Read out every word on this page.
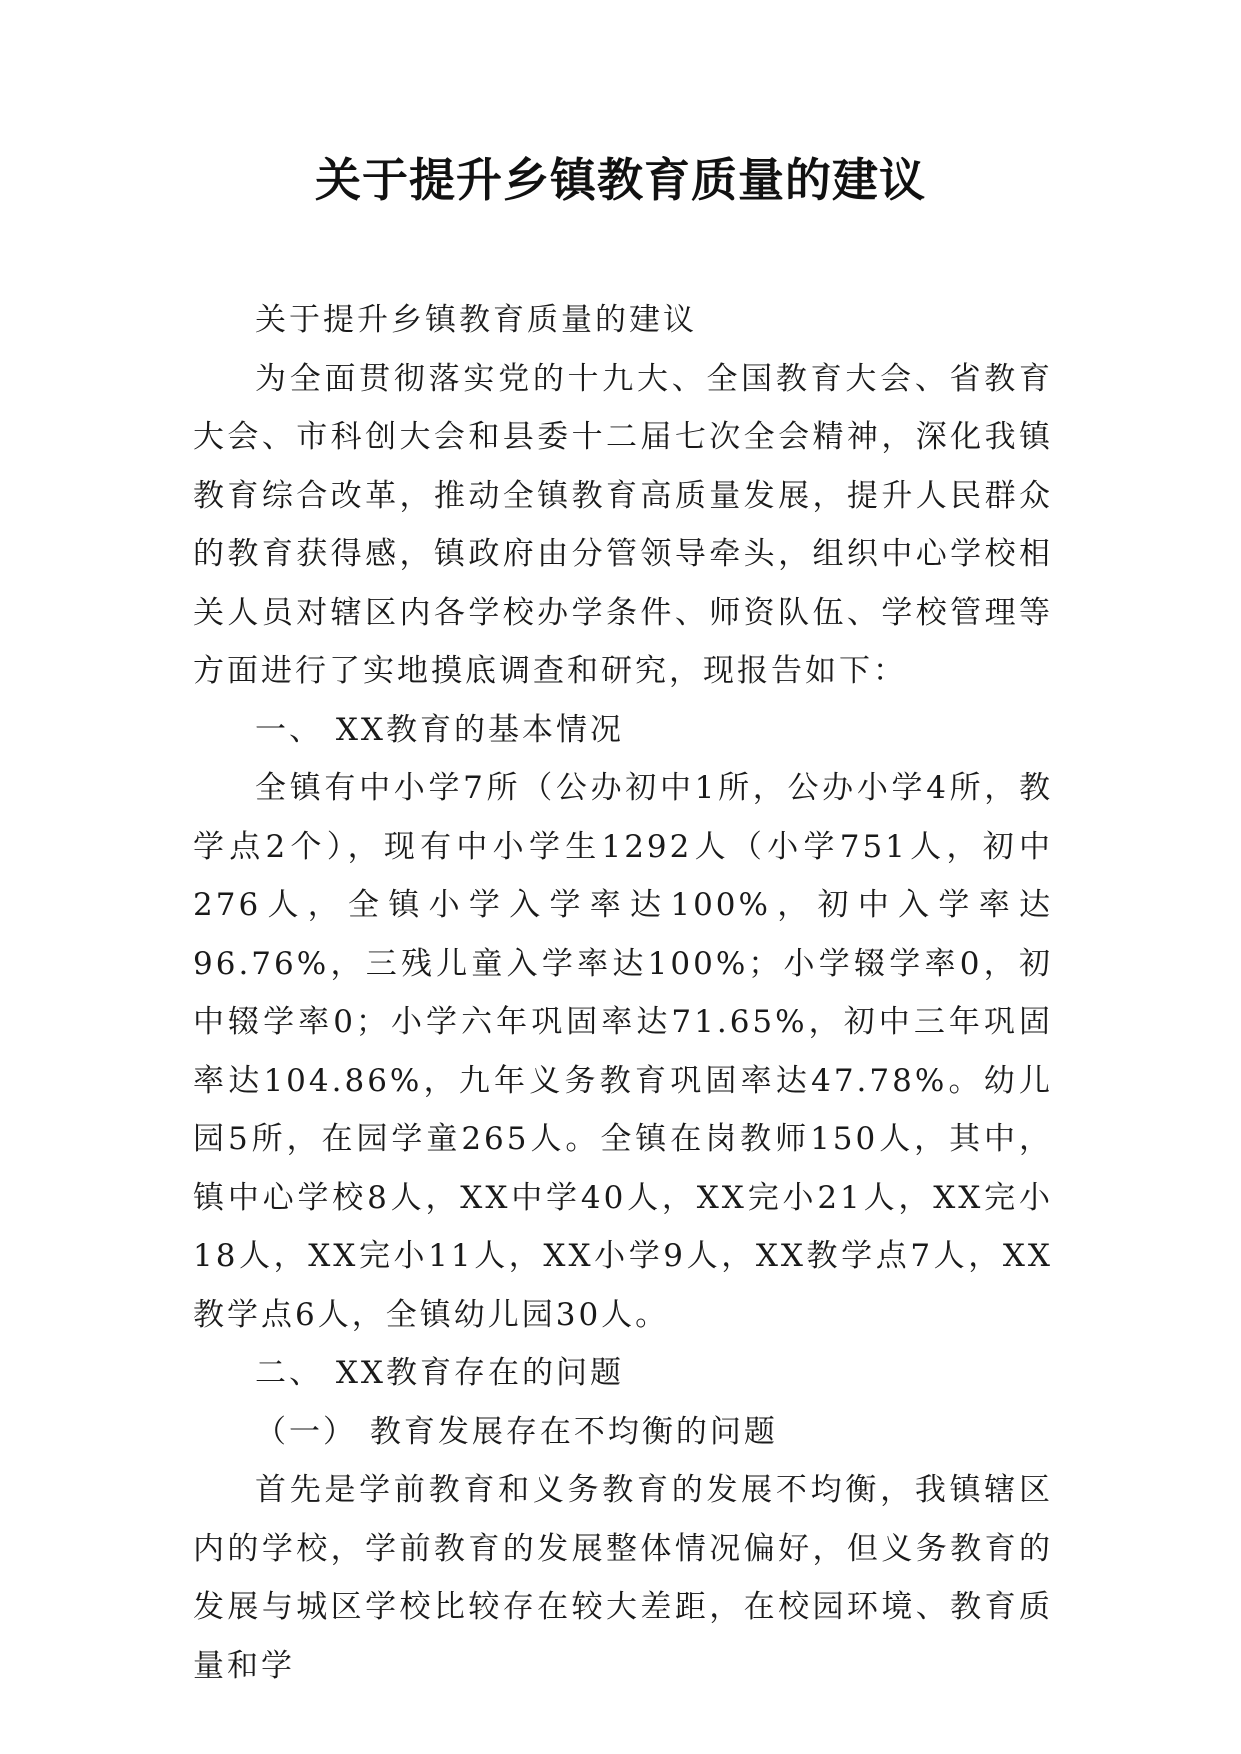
关于提升乡镇教育质量的建议

关于提升乡镇教育质量的建议

为全面贯彻落实党的十九大、全国教育大会、省教育大会、市科创大会和县委十二届七次全会精神，深化我镇教育综合改革，推动全镇教育高质量发展，提升人民群众的教育获得感，镇政府由分管领导牵头，组织中心学校相关人员对辖区内各学校办学条件、师资队伍、学校管理等方面进行了实地摸底调查和研究，现报告如下：

一、 XX教育的基本情况

全镇有中小学7所（公办初中1所，公办小学4所，教学点2个），现有中小学生1292人（小学751人，初中276人，全镇小学入学率达100%，初中入学率达96.76%，三残儿童入学率达100%；小学辍学率0，初中辍学率0；小学六年巩固率达71.65%，初中三年巩固率达104.86%，九年义务教育巩固率达47.78%。幼儿园5所，在园学童265人。全镇在岗教师150人，其中，镇中心学校8人，XX中学40人，XX完小21人，XX完小18人，XX完小11人，XX小学9人，XX教学点7人，XX教学点6人，全镇幼儿园30人。

二、 XX教育存在的问题

（一） 教育发展存在不均衡的问题

首先是学前教育和义务教育的发展不均衡，我镇辖区内的学校，学前教育的发展整体情况偏好，但义务教育的发展与城区学校比较存在较大差距，在校园环境、教育质量和学
